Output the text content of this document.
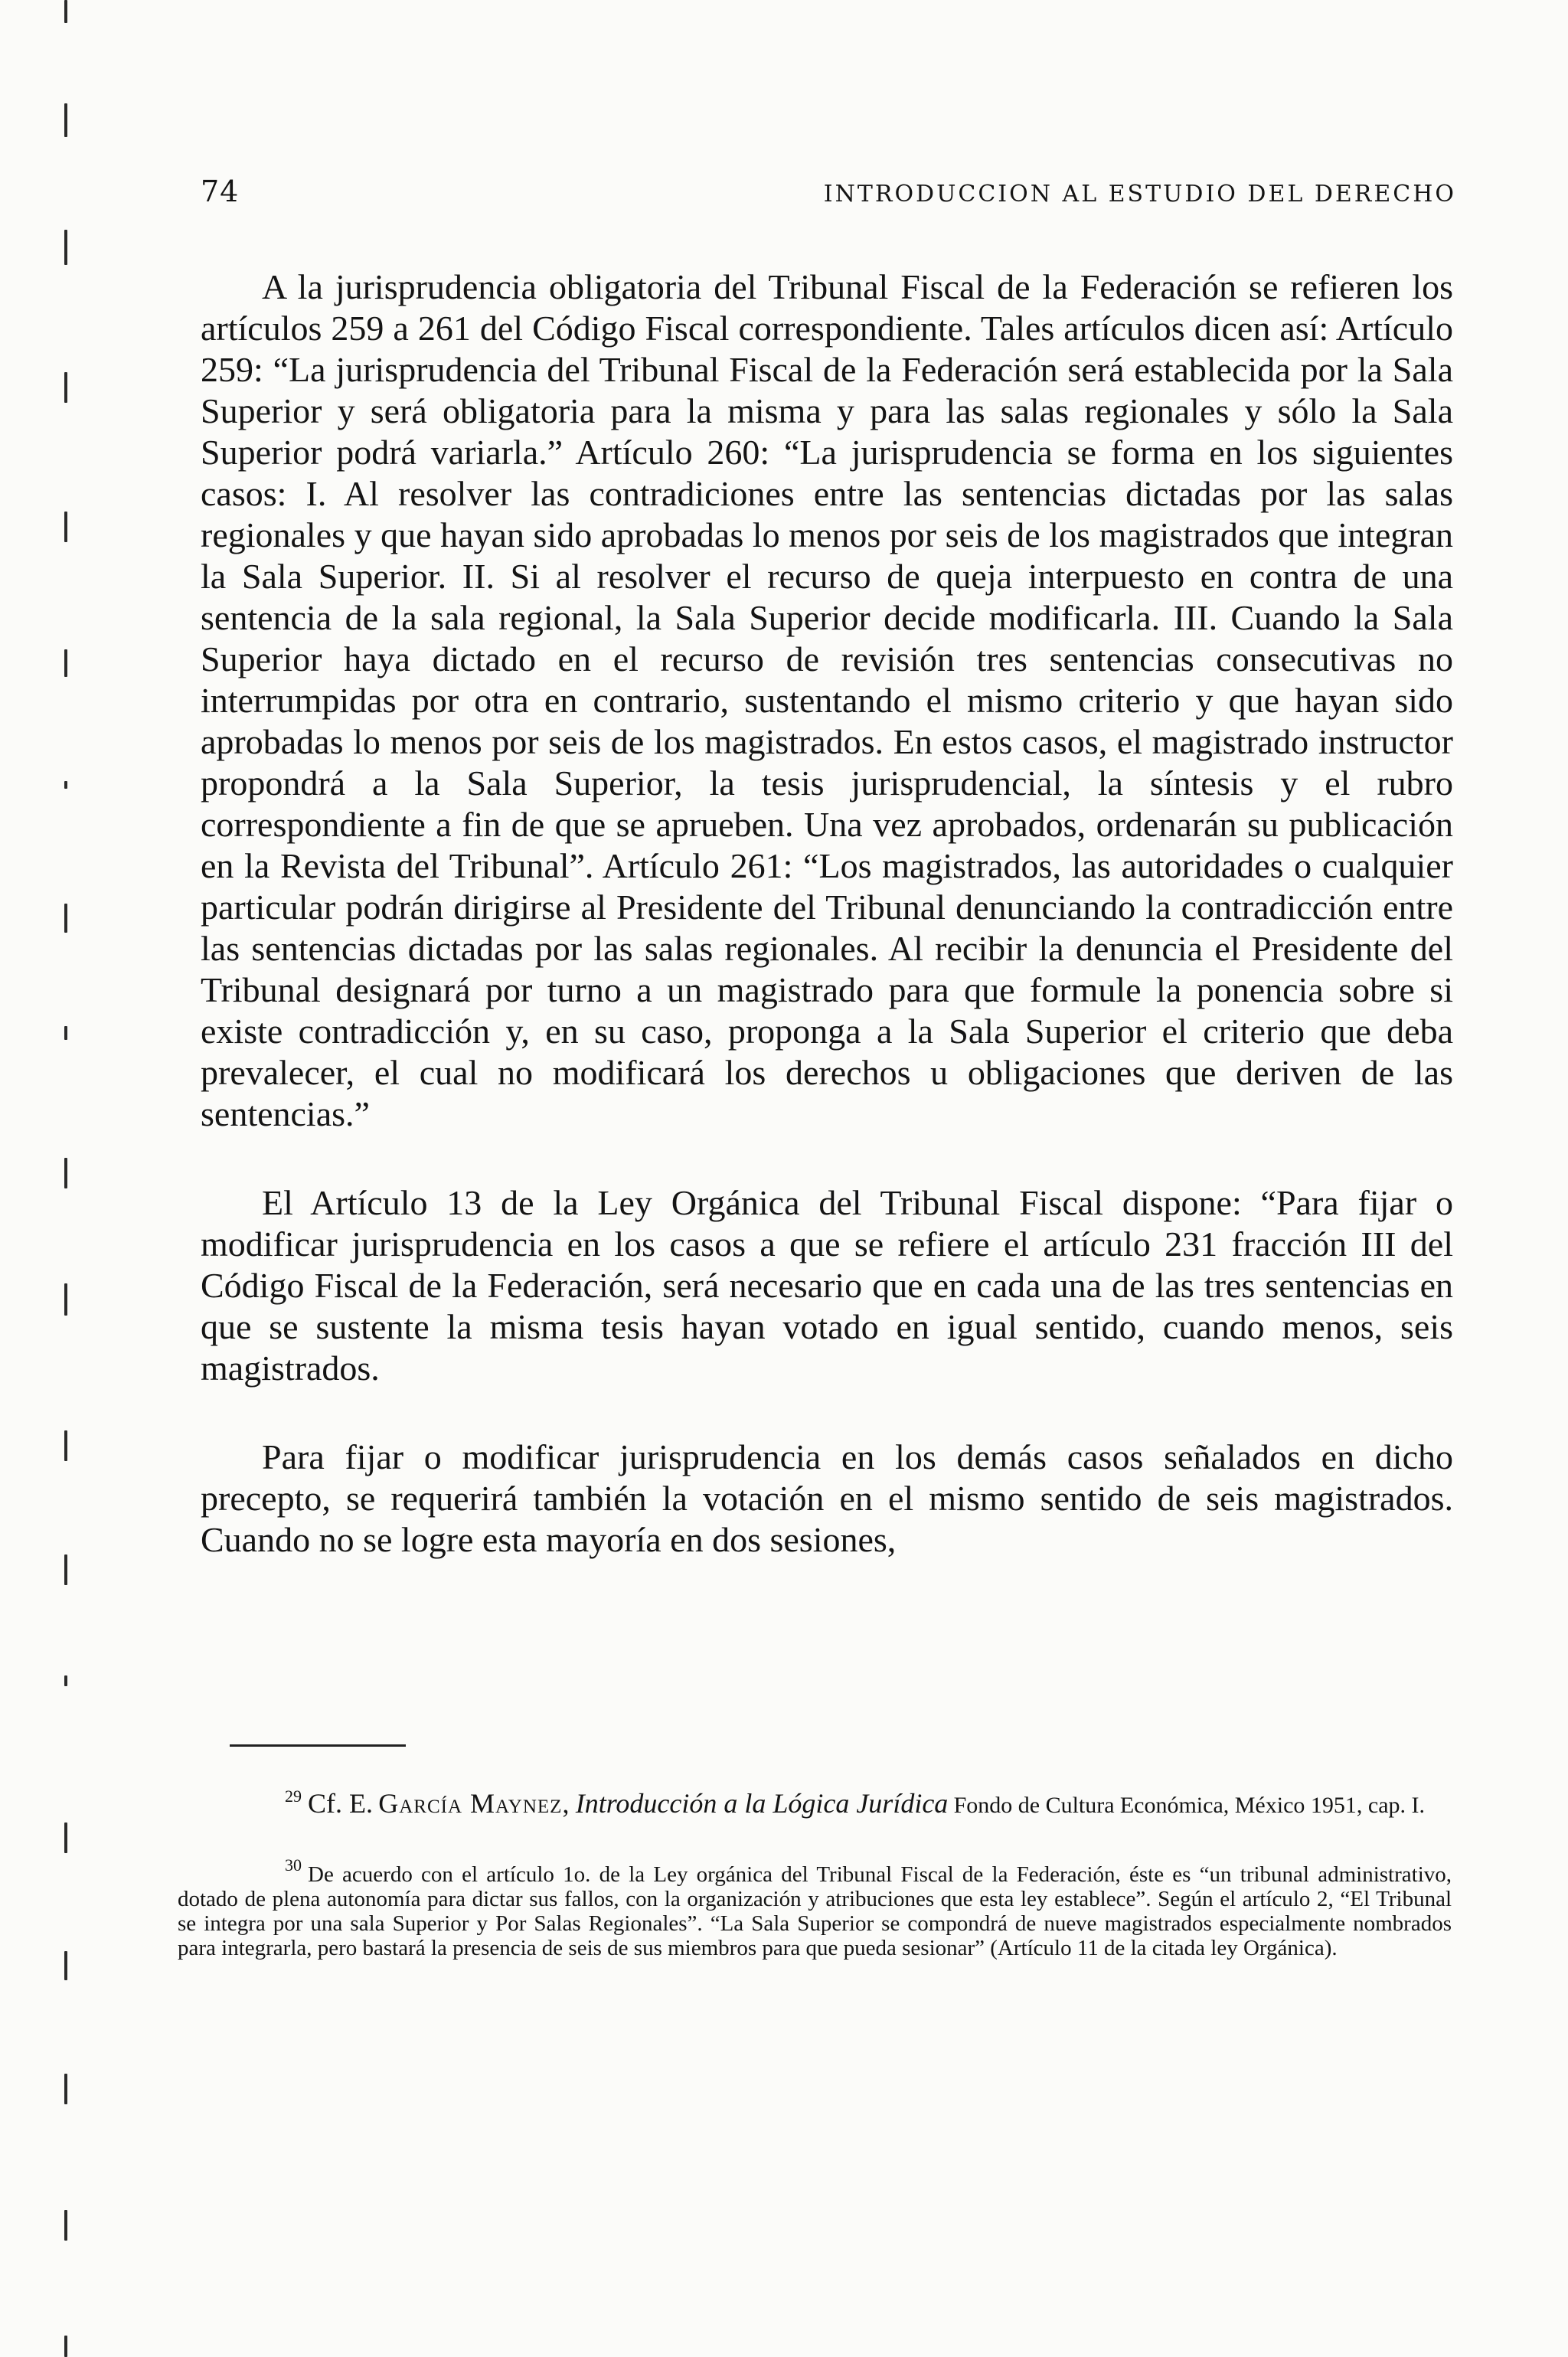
74	INTRODUCCION AL ESTUDIO DEL DERECHO

A la jurisprudencia obligatoria del Tribunal Fiscal de la Federación se refieren los artículos 259 a 261 del Código Fiscal correspondiente. Tales artículos dicen así: Artículo 259: “La jurisprudencia del Tribunal Fiscal de la Federación será establecida por la Sala Superior y será obligatoria para la misma y para las salas regionales y sólo la Sala Superior podrá variarla.” Artículo 260: “La jurisprudencia se forma en los siguientes casos: I. Al resolver las contradiciones entre las sentencias dictadas por las salas regionales y que hayan sido aprobadas lo menos por seis de los magistrados que integran la Sala Superior. II. Si al resolver el recurso de queja interpuesto en contra de una sentencia de la sala regional, la Sala Superior decide modificarla. III. Cuando la Sala Superior haya dictado en el recurso de revisión tres sentencias consecutivas no interrumpidas por otra en contrario, sustentando el mismo criterio y que hayan sido aprobadas lo menos por seis de los magistrados. En estos casos, el magistrado instructor propondrá a la Sala Superior, la tesis jurisprudencial, la síntesis y el rubro correspondiente a fin de que se aprueben. Una vez aprobados, ordenarán su publicación en la Revista del Tribunal”. Artículo 261: “Los magistrados, las autoridades o cualquier particular podrán dirigirse al Presidente del Tribunal denunciando la contradicción entre las sentencias dictadas por las salas regionales. Al recibir la denuncia el Presidente del Tribunal designará por turno a un magistrado para que formule la ponencia sobre si existe contradicción y, en su caso, proponga a la Sala Superior el criterio que deba prevalecer, el cual no modificará los derechos u obligaciones que deriven de las sentencias.”

El Artículo 13 de la Ley Orgánica del Tribunal Fiscal dispone: “Para fijar o modificar jurisprudencia en los casos a que se refiere el artículo 231 fracción III del Código Fiscal de la Federación, será necesario que en cada una de las tres sentencias en que se sustente la misma tesis hayan votado en igual sentido, cuando menos, seis magistrados.

Para fijar o modificar jurisprudencia en los demás casos señalados en dicho precepto, se requerirá también la votación en el mismo sentido de seis magistrados. Cuando no se logre esta mayoría en dos sesiones,

$^{29}$ Cf. E. García Maynez, Introducción a la Lógica Jurídica Fondo de Cultura Económica, México 1951, cap. I.

$^{30}$ De acuerdo con el artículo 1o. de la Ley orgánica del Tribunal Fiscal de la Federación, éste es “un tribunal administrativo, dotado de plena autonomía para dictar sus fallos, con la organización y atribuciones que esta ley establece”. Según el artículo 2, “El Tribunal se integra por una sala Superior y Por Salas Regionales”. “La Sala Superior se compondrá de nueve magistrados especialmente nombrados para integrarla, pero bastará la presencia de seis de sus miembros para que pueda sesionar” (Artículo 11 de la citada ley Orgánica).
